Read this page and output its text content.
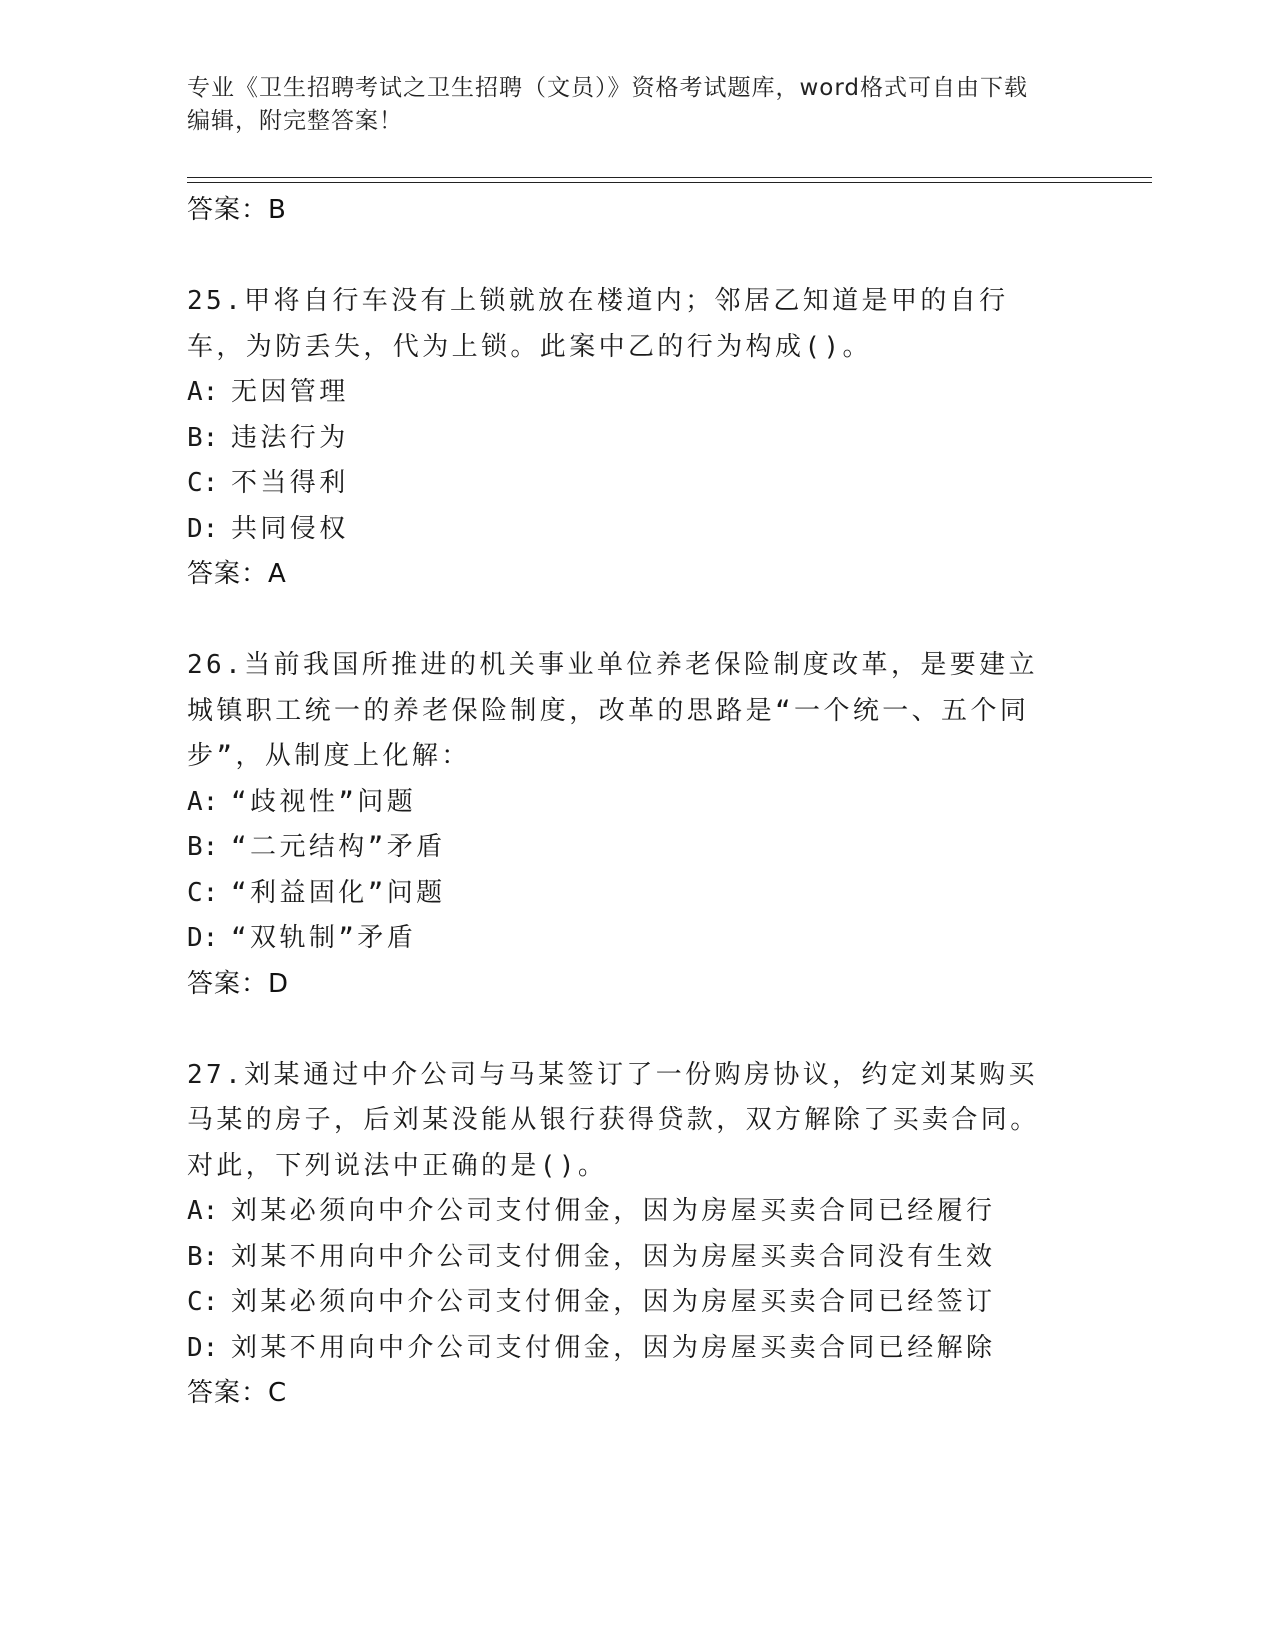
专业《卫生招聘考试之卫生招聘（文员）》资格考试题库，word格式可自由下载
编辑，附完整答案！
答案：B
25.甲将自行车没有上锁就放在楼道内；邻居乙知道是甲的自行车，为防丢失，代为上锁。此案中乙的行为构成()。
A: 无因管理
B: 违法行为
C: 不当得利
D: 共同侵权
答案：A
26.当前我国所推进的机关事业单位养老保险制度改革，是要建立城镇职工统一的养老保险制度，改革的思路是“一个统一、五个同步”，从制度上化解：
A: “歧视性”问题
B: “二元结构”矛盾
C: “利益固化”问题
D: “双轨制”矛盾
答案：D
27.刘某通过中介公司与马某签订了一份购房协议，约定刘某购买马某的房子，后刘某没能从银行获得贷款，双方解除了买卖合同。对此，下列说法中正确的是()。
A: 刘某必须向中介公司支付佣金，因为房屋买卖合同已经履行
B: 刘某不用向中介公司支付佣金，因为房屋买卖合同没有生效
C: 刘某必须向中介公司支付佣金，因为房屋买卖合同已经签订
D: 刘某不用向中介公司支付佣金，因为房屋买卖合同已经解除
答案：C
